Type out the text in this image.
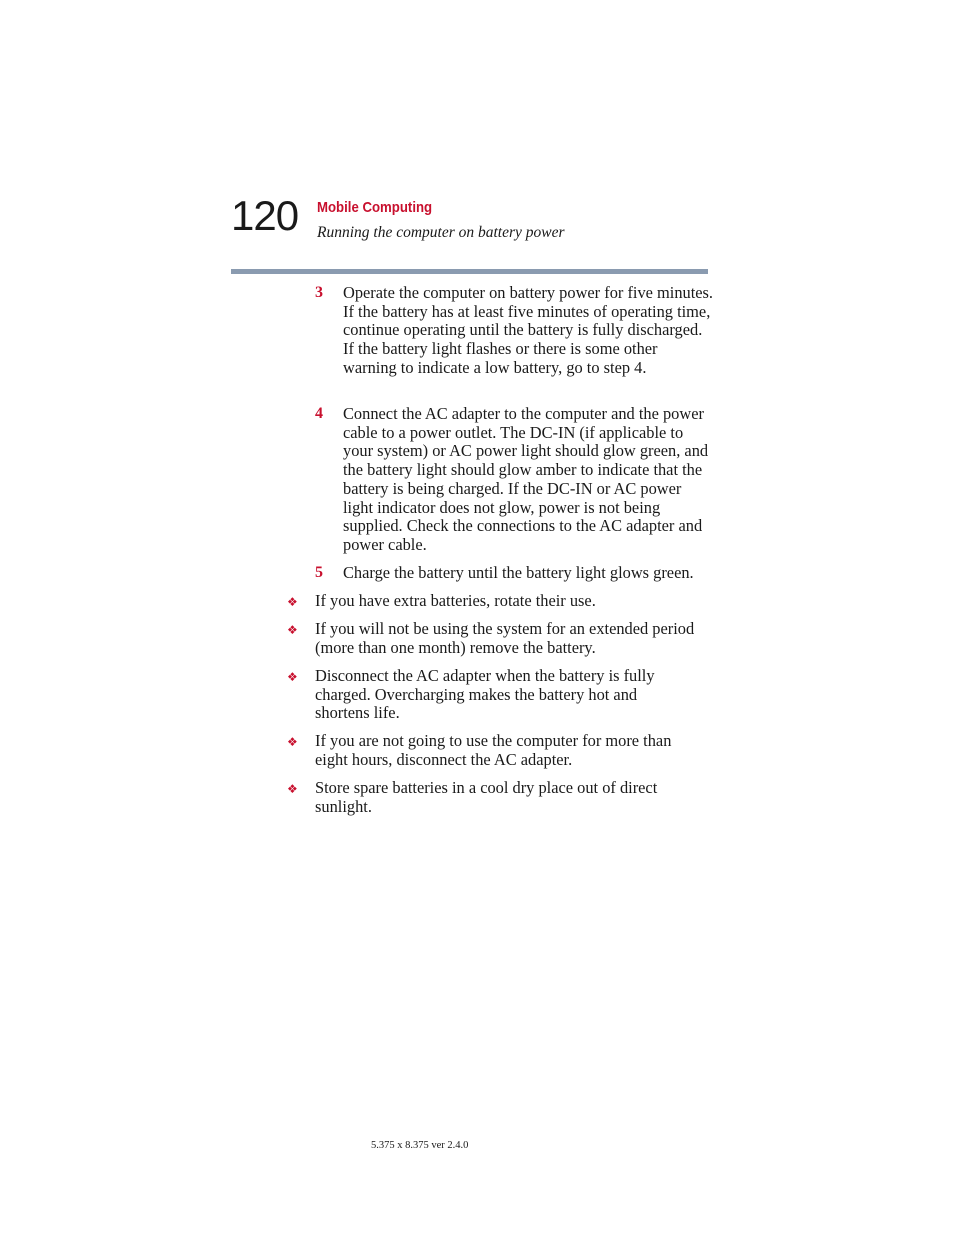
120 Mobile Computing
Running the computer on battery power
3 Operate the computer on battery power for five minutes. If the battery has at least five minutes of operating time, continue operating until the battery is fully discharged. If the battery light flashes or there is some other warning to indicate a low battery, go to step 4.
4 Connect the AC adapter to the computer and the power cable to a power outlet. The DC-IN (if applicable to your system) or AC power light should glow green, and the battery light should glow amber to indicate that the battery is being charged. If the DC-IN or AC power light indicator does not glow, power is not being supplied. Check the connections to the AC adapter and power cable.
5 Charge the battery until the battery light glows green.
❖ If you have extra batteries, rotate their use.
❖ If you will not be using the system for an extended period (more than one month) remove the battery.
❖ Disconnect the AC adapter when the battery is fully charged. Overcharging makes the battery hot and shortens life.
❖ If you are not going to use the computer for more than eight hours, disconnect the AC adapter.
❖ Store spare batteries in a cool dry place out of direct sunlight.
5.375 x 8.375 ver 2.4.0
